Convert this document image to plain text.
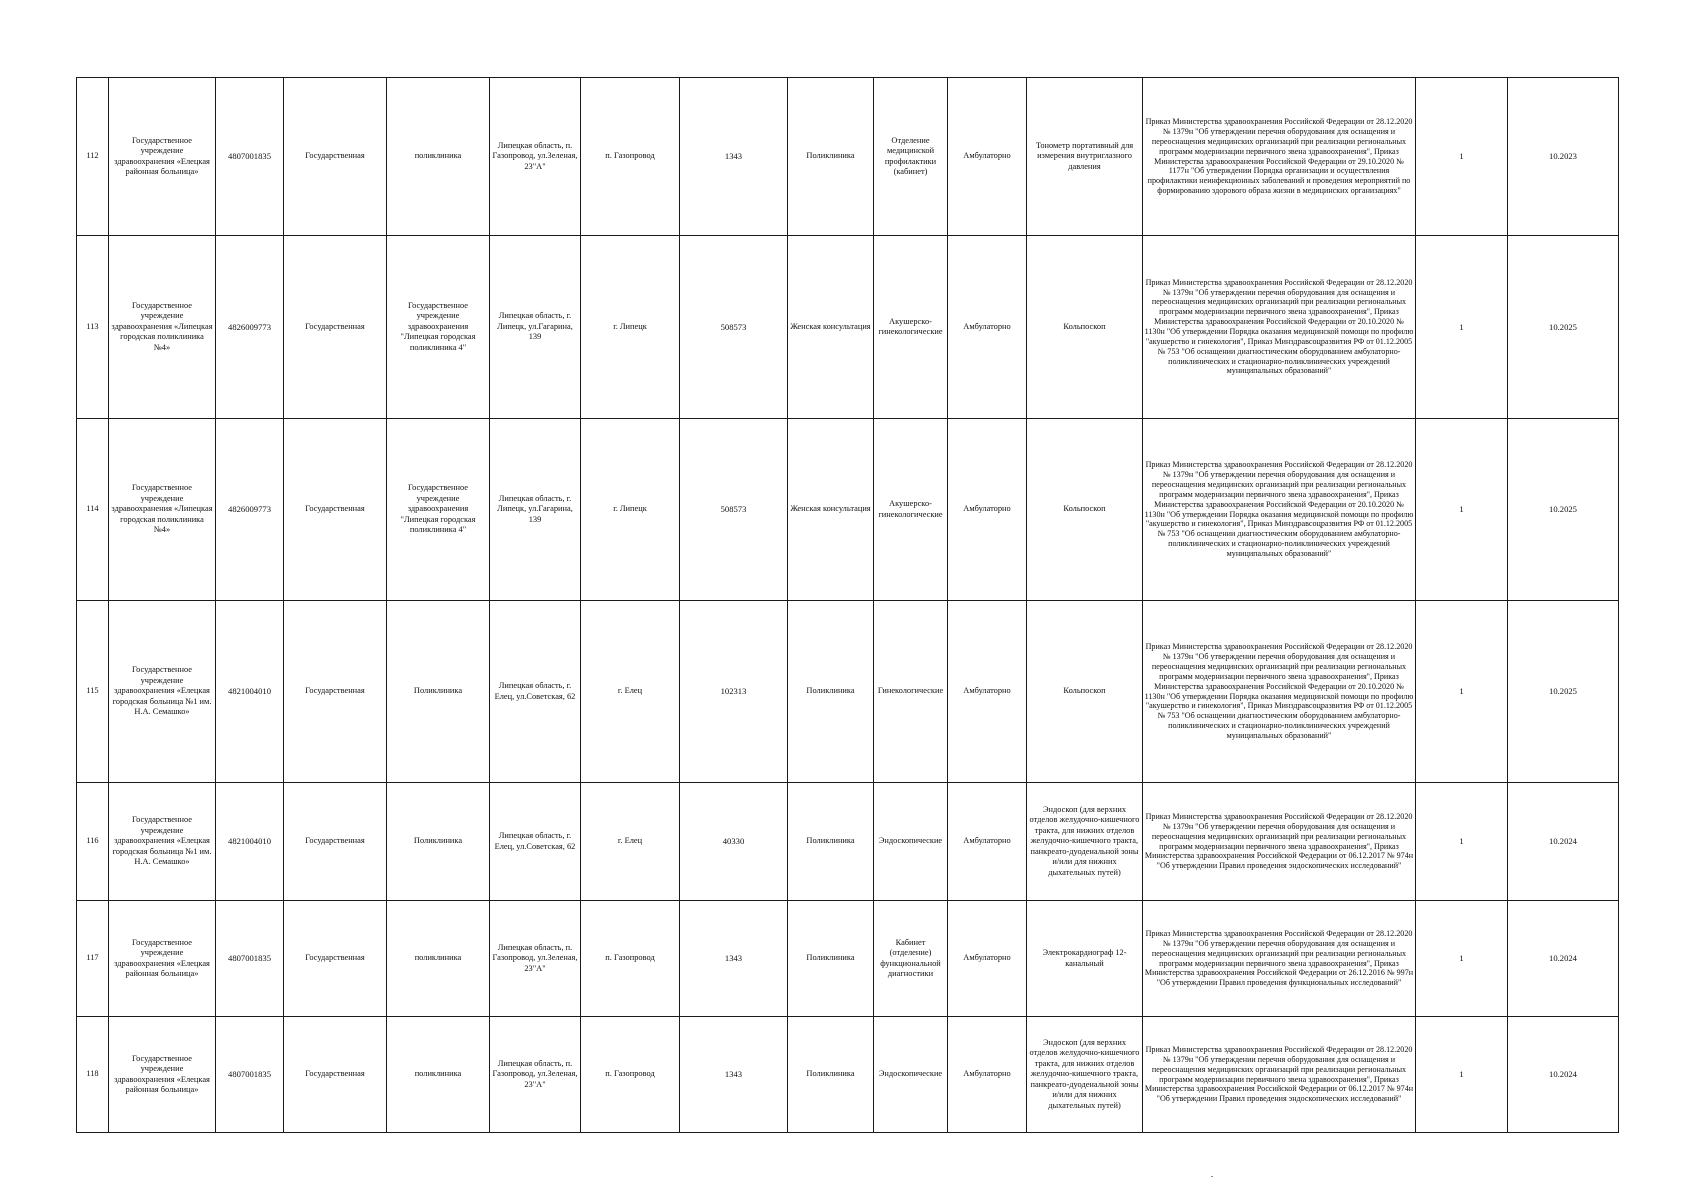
112	Государственное учреждение здравоохранения «Елецкая районная больница»	4807001835	Государственная	поликлиника	Липецкая область, п. Газопровод, ул.Зеленая, 23"А"	п. Газопровод	1343	Поликлиника	Отделение медицинской профилактики (кабинет)	Амбулаторно	Тонометр портативный для измерения внутриглазного давления	Приказ Министерства здравоохранения Российской Федерации от 28.12.2020 № 1379н "Об утверждении перечня оборудования для оснащения и переоснащения медицинских организаций при реализации региональных программ модернизации первичного звена здравоохранения", Приказ Министерства здравоохранения Российской Федерации от 29.10.2020 № 1177н "Об утверждении Порядка организации и осуществления профилактики неинфекционных заболеваний и проведения мероприятий по формированию здорового образа жизни в медицинских организациях"	1	10.2023
113	Государственное учреждение здравоохранения «Липецкая городская поликлиника №4»	4826009773	Государственная	Государственное учреждение здравоохранения "Липецкая городская поликлиника 4"	Липецкая область, г. Липецк, ул.Гагарина, 139	г. Липецк	508573	Женская консультация	Акушерско-гинекологические	Амбулаторно	Кольпоскоп	Приказ Министерства здравоохранения Российской Федерации от 28.12.2020 № 1379н "Об утверждении перечня оборудования для оснащения и переоснащения медицинских организаций при реализации региональных программ модернизации первичного звена здравоохранения", Приказ Министерства здравоохранения Российской Федерации от 20.10.2020 № 1130н "Об утверждении Порядка оказания медицинской помощи по профилю "акушерство и гинекология", Приказ Минздравсоцразвития РФ от 01.12.2005 № 753 "Об оснащении диагностическим оборудованием амбулаторно-поликлинических и стационарно-поликлинических учреждений муниципальных образований"	1	10.2025
114	Государственное учреждение здравоохранения «Липецкая городская поликлиника №4»	4826009773	Государственная	Государственное учреждение здравоохранения "Липецкая городская поликлиника 4"	Липецкая область, г. Липецк, ул.Гагарина, 139	г. Липецк	508573	Женская консультация	Акушерско-гинекологические	Амбулаторно	Кольпоскоп	Приказ Министерства здравоохранения Российской Федерации от 28.12.2020 № 1379н "Об утверждении перечня оборудования для оснащения и переоснащения медицинских организаций при реализации региональных программ модернизации первичного звена здравоохранения", Приказ Министерства здравоохранения Российской Федерации от 20.10.2020 № 1130н "Об утверждении Порядка оказания медицинской помощи по профилю "акушерство и гинекология", Приказ Минздравсоцразвития РФ от 01.12.2005 № 753 "Об оснащении диагностическим оборудованием амбулаторно-поликлинических и стационарно-поликлинических учреждений муниципальных образований"	1	10.2025
115	Государственное учреждение здравоохранения «Елецкая городская больница №1 им. Н.А. Семашко»	4821004010	Государственная	Поликлиника	Липецкая область, г. Елец, ул.Советская, 62	г. Елец	102313	Поликлиника	Гинекологические	Амбулаторно	Кольпоскоп	Приказ Министерства здравоохранения Российской Федерации от 28.12.2020 № 1379н "Об утверждении перечня оборудования для оснащения и переоснащения медицинских организаций при реализации региональных программ модернизации первичного звена здравоохранения", Приказ Министерства здравоохранения Российской Федерации от 20.10.2020 № 1130н "Об утверждении Порядка оказания медицинской помощи по профилю "акушерство и гинекология", Приказ Минздравсоцразвития РФ от 01.12.2005 № 753 "Об оснащении диагностическим оборудованием амбулаторно-поликлинических и стационарно-поликлинических учреждений муниципальных образований"	1	10.2025
116	Государственное учреждение здравоохранения «Елецкая городская больница №1 им. Н.А. Семашко»	4821004010	Государственная	Поликлиника	Липецкая область, г. Елец, ул.Советская, 62	г. Елец	40330	Поликлиника	Эндоскопические	Амбулаторно	Эндоскоп (для верхних отделов желудочно-кишечного тракта, для нижних отделов желудочно-кишечного тракта, панкреато-дуоденальной зоны и/или для нижних дыхательных путей)	Приказ Министерства здравоохранения Российской Федерации от 28.12.2020 № 1379н "Об утверждении перечня оборудования для оснащения и переоснащения медицинских организаций при реализации региональных программ модернизации первичного звена здравоохранения", Приказ Министерства здравоохранения Российской Федерации от 06.12.2017 № 974н "Об утверждении Правил проведения эндоскопических исследований"	1	10.2024
117	Государственное учреждение здравоохранения «Елецкая районная больница»	4807001835	Государственная	поликлиника	Липецкая область, п. Газопровод, ул.Зеленая, 23"А"	п. Газопровод	1343	Поликлиника	Кабинет (отделение) функциональной диагностики	Амбулаторно	Электрокардиограф 12-канальный	Приказ Министерства здравоохранения Российской Федерации от 28.12.2020 № 1379н "Об утверждении перечня оборудования для оснащения и переоснащения медицинских организаций при реализации региональных программ модернизации первичного звена здравоохранения", Приказ Министерства здравоохранения Российской Федерации от 26.12.2016 № 997н "Об утверждении Правил проведения функциональных исследований"	1	10.2024
118	Государственное учреждение здравоохранения «Елецкая районная больница»	4807001835	Государственная	поликлиника	Липецкая область, п. Газопровод, ул.Зеленая, 23"А"	п. Газопровод	1343	Поликлиника	Эндоскопические	Амбулаторно	Эндоскоп (для верхних отделов желудочно-кишечного тракта, для нижних отделов желудочно-кишечного тракта, панкреато-дуоденальной зоны и/или для нижних дыхательных путей)	Приказ Министерства здравоохранения Российской Федерации от 28.12.2020 № 1379н "Об утверждении перечня оборудования для оснащения и переоснащения медицинских организаций при реализации региональных программ модернизации первичного звена здравоохранения", Приказ Министерства здравоохранения Российской Федерации от 06.12.2017 № 974н "Об утверждении Правил проведения эндоскопических исследований"	1	10.2024
